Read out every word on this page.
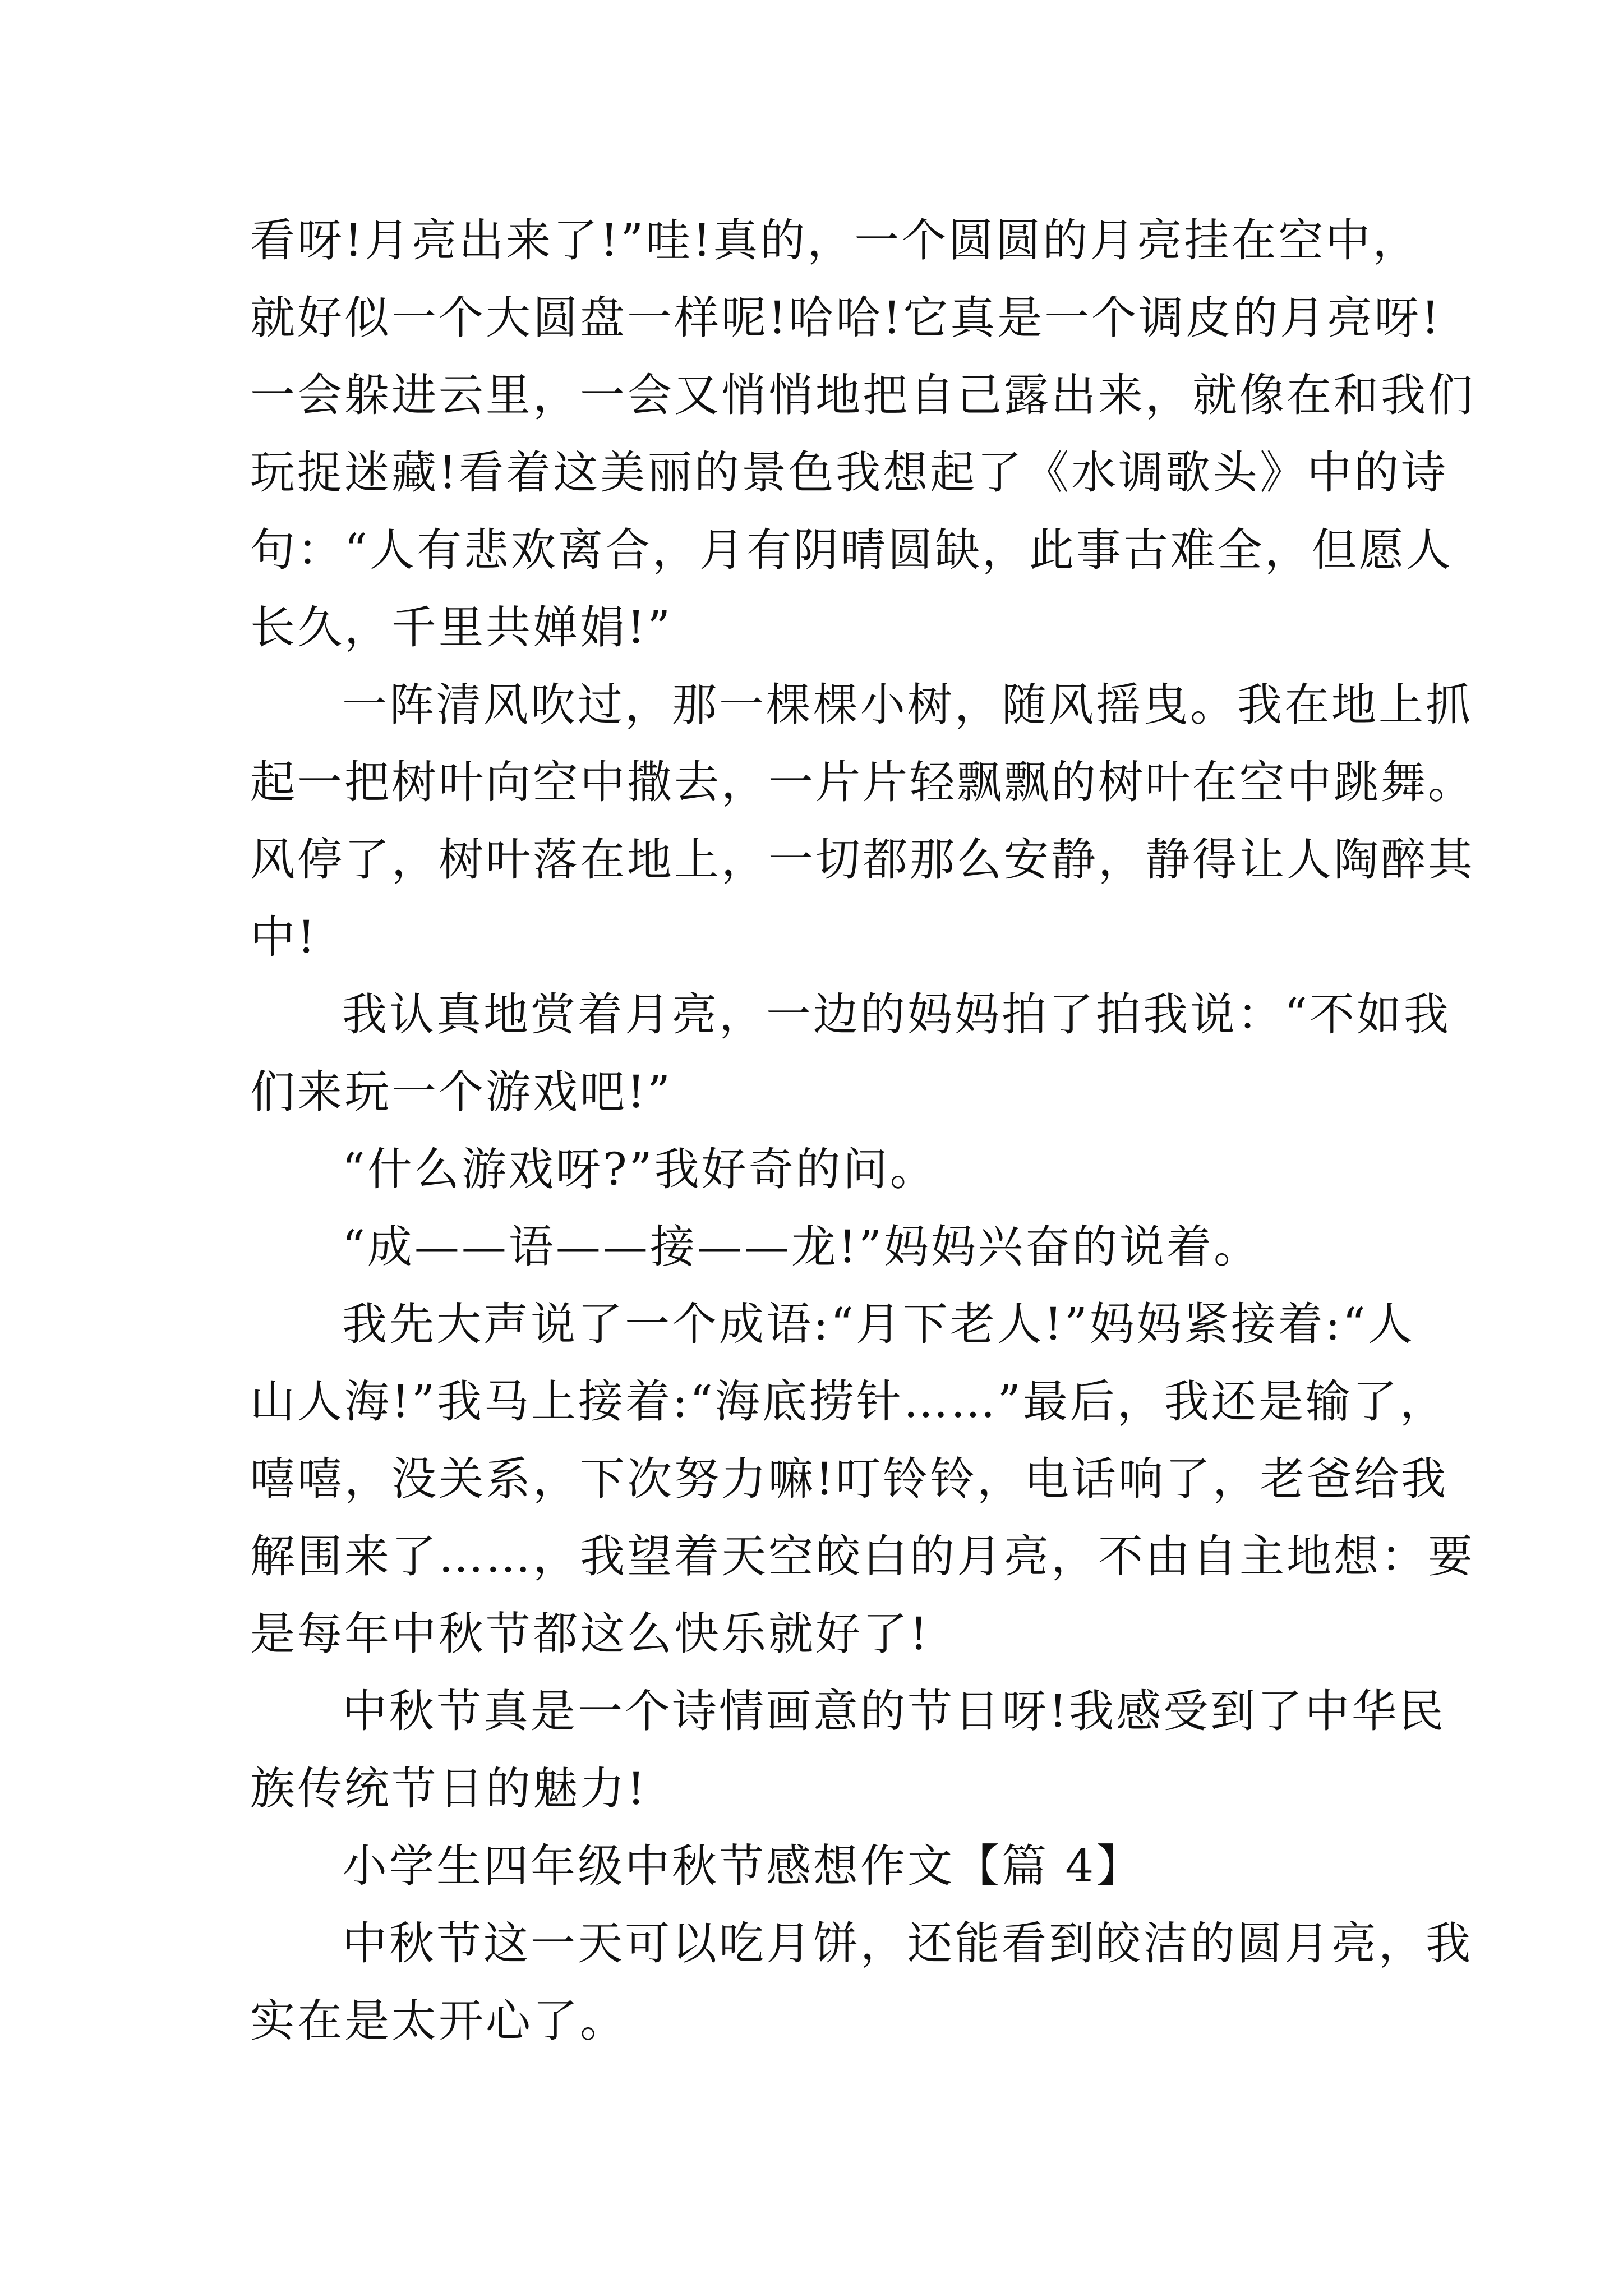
看呀!月亮出来了!”哇!真的，一个圆圆的月亮挂在空中，
就好似一个大圆盘一样呢!哈哈!它真是一个调皮的月亮呀!
一会躲进云里，一会又悄悄地把自己露出来，就像在和我们
玩捉迷藏!看着这美丽的景色我想起了《水调歌头》中的诗
句：“人有悲欢离合，月有阴晴圆缺，此事古难全，但愿人
长久，千里共婵娟!”
一阵清风吹过，那一棵棵小树，随风摇曳。我在地上抓
起一把树叶向空中撒去，一片片轻飘飘的树叶在空中跳舞。
风停了，树叶落在地上，一切都那么安静，静得让人陶醉其
中!
我认真地赏着月亮，一边的妈妈拍了拍我说：“不如我
们来玩一个游戏吧!”
“什么游戏呀?”我好奇的问。
“成——语——接——龙!”妈妈兴奋的说着。
我先大声说了一个成语:“月下老人!”妈妈紧接着:“人
山人海!”我马上接着:“海底捞针……”最后，我还是输了，
嘻嘻，没关系，下次努力嘛!叮铃铃，电话响了，老爸给我
解围来了……，我望着天空皎白的月亮，不由自主地想：要
是每年中秋节都这么快乐就好了!
中秋节真是一个诗情画意的节日呀!我感受到了中华民
族传统节日的魅力!
小学生四年级中秋节感想作文【篇 4】
中秋节这一天可以吃月饼，还能看到皎洁的圆月亮，我
实在是太开心了。
